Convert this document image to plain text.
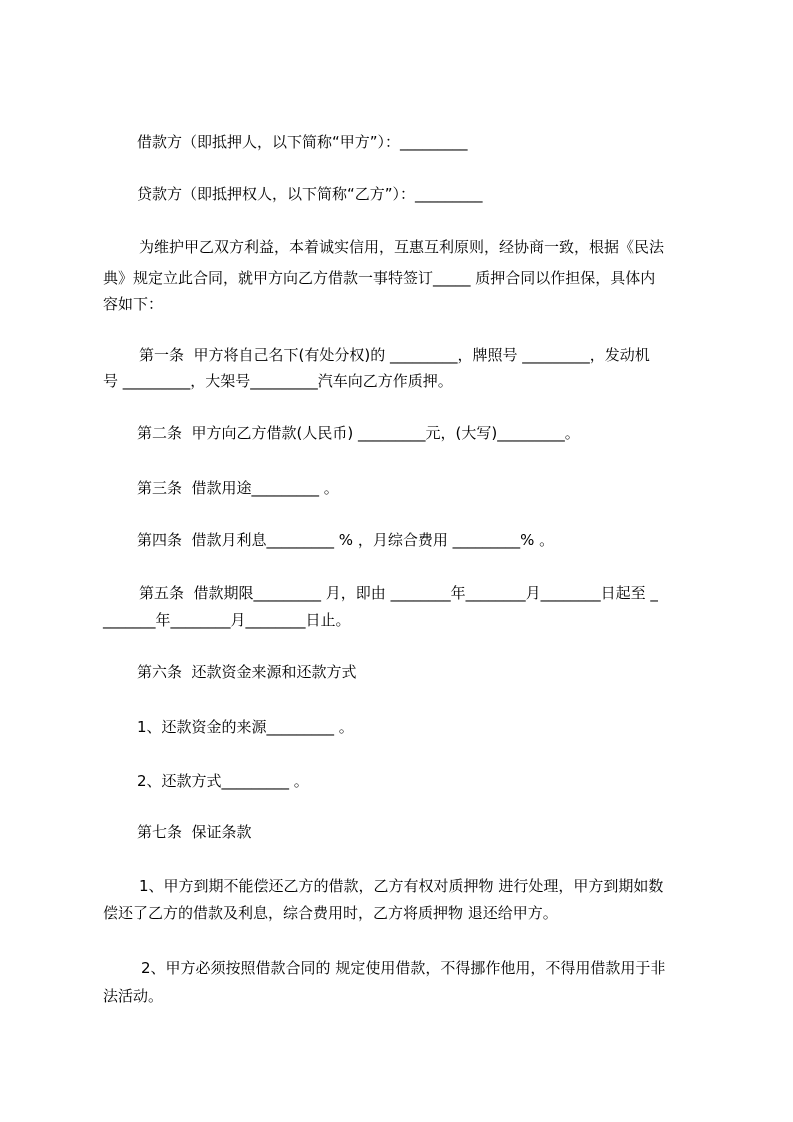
借款方（即抵押人，以下简称“甲方”）：_________
贷款方（即抵押权人，以下简称“乙方”）：_________
为维护甲乙双方利益，本着诚实信用，互惠互利原则，经协商一致，根据《民法
典》规定立此合同，就甲方向乙方借款一事特签订_____ 质押合同以作担保，具体内
容如下：
第一条  甲方将自己名下(有处分权)的 _________，牌照号 _________，发动机
号 _________，大架号_________汽车向乙方作质押。
第二条  甲方向乙方借款(人民币) _________元，(大写)_________。
第三条  借款用途_________ 。
第四条  借款月利息_________ % ，月综合费用 _________% 。
第五条  借款期限_________ 月，即由 ________年________月________日起至 _
_______年________月________日止。
第六条  还款资金来源和还款方式
1、还款资金的来源_________ 。
2、还款方式_________ 。
第七条  保证条款
1、甲方到期不能偿还乙方的借款，乙方有权对质押物 进行处理，甲方到期如数
偿还了乙方的借款及利息，综合费用时，乙方将质押物 退还给甲方。
2、甲方必须按照借款合同的 规定使用借款，不得挪作他用，不得用借款用于非
法活动。
